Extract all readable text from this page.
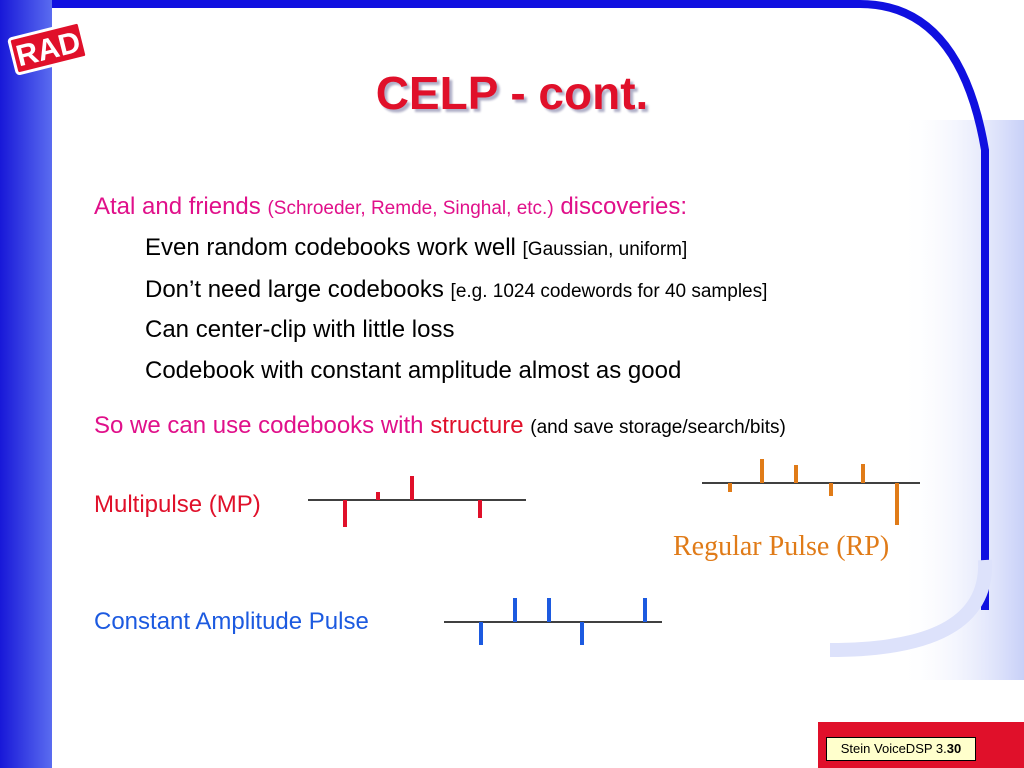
RAD
CELP - cont.
Atal and friends (Schroeder, Remde, Singhal, etc.) discoveries:
Even random codebooks work well [Gaussian, uniform]
Don’t need large codebooks [e.g. 1024 codewords for 40 samples]
Can center-clip with little loss
Codebook with constant amplitude almost as good
So we can use codebooks with structure (and save storage/search/bits)
Multipulse (MP)
Regular Pulse (RP)
Constant Amplitude Pulse
Stein VoiceDSP 3.30
